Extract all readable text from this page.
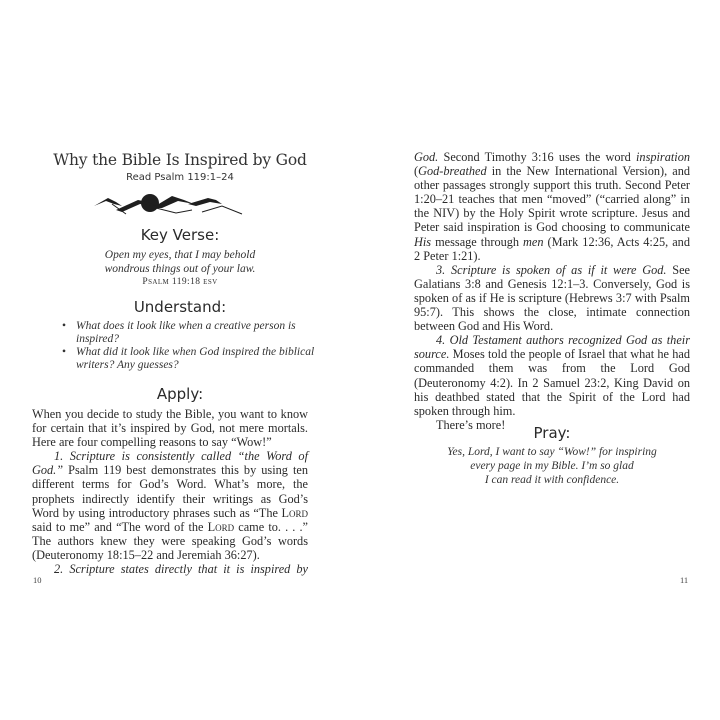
Why the Bible Is Inspired by God
Read Psalm 119:1–24
Key Verse:
Open my eyes, that I may behold
wondrous things out of your law.
Psalm 119:18 esv
Understand:
• What does it look like when a creative person is inspired?
• What did it look like when God inspired the biblical writers? Any guesses?
Apply:

When you decide to study the Bible, you want to know for certain that it’s inspired by God, not mere mortals. Here are four compelling reasons to say “Wow!”

1. Scripture is consistently called “the Word of God.” Psalm 119 best demonstrates this by using ten different terms for God’s Word. What’s more, the prophets indirectly identify their writings as God’s Word by using introductory phrases such as “The Lord said to me” and “The word of the Lord came to. . . .” The authors knew they were speaking God’s words (Deuteronomy 18:15–22 and Jeremiah 36:27).

2. Scripture states directly that it is inspired by

10

God. Second Timothy 3:16 uses the word inspiration (God-breathed in the New International Version), and other passages strongly support this truth. Second Peter 1:20–21 teaches that men “moved” (“carried along” in the NIV) by the Holy Spirit wrote scripture. Jesus and Peter said inspiration is God choosing to communicate His message through men (Mark 12:36, Acts 4:25, and 2 Peter 1:21).

3. Scripture is spoken of as if it were God. See Galatians 3:8 and Genesis 12:1–3. Conversely, God is spoken of as if He is scripture (Hebrews 3:7 with Psalm 95:7). This shows the close, intimate connection between God and His Word.

4. Old Testament authors recognized God as their source. Moses told the people of Israel that what he had commanded them was from the Lord God (Deuteronomy 4:2). In 2 Samuel 23:2, King David on his deathbed stated that the Spirit of the Lord had spoken through him.

There’s more!	Pray:
Yes, Lord, I want to say “Wow!” for inspiring
every page in my Bible. I’m so glad
I can read it with confidence.
11
